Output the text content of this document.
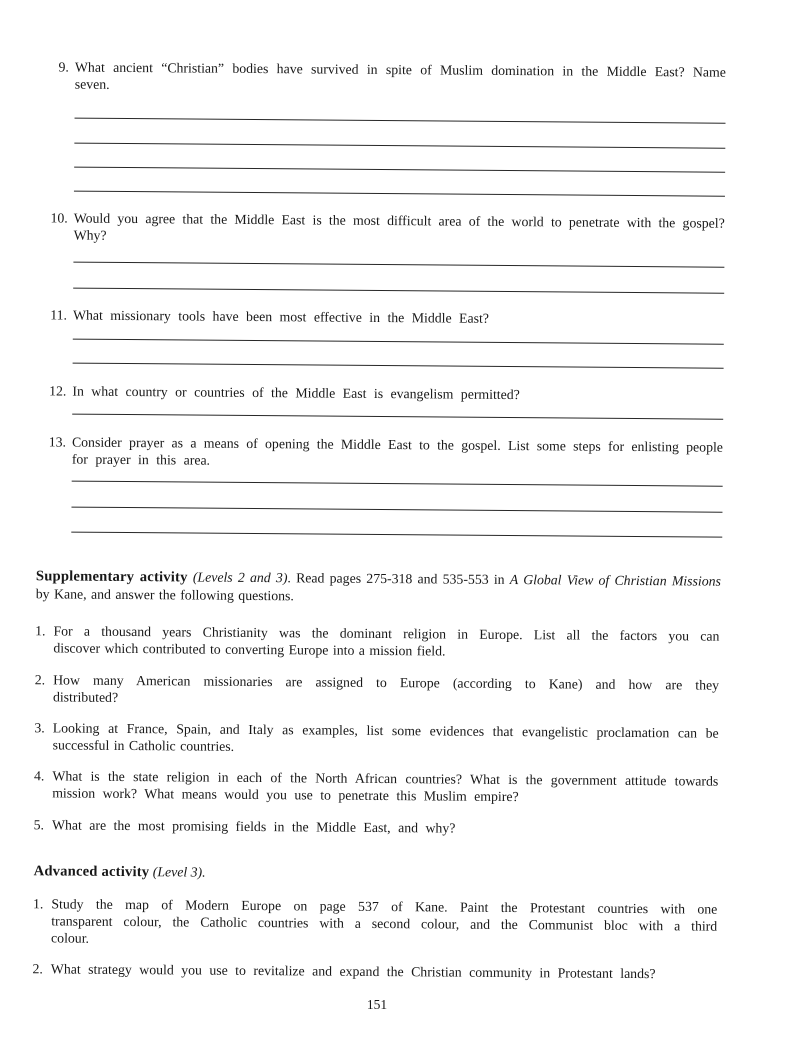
9. What ancient “Christian” bodies have survived in spite of Muslim domination in the Middle East? Name
seven.

10. Would you agree that the Middle East is the most difficult area of the world to penetrate with the gospel?
Why?

11. What missionary tools have been most effective in the Middle East?

12. In what country or countries of the Middle East is evangelism permitted?

13. Consider prayer as a means of opening the Middle East to the gospel. List some steps for enlisting people
for prayer in this area.

Supplementary activity (Levels 2 and 3). Read pages 275-318 and 535-553 in A Global View of Christian Missions by Kane, and answer the following questions.

1. For a thousand years Christianity was the dominant religion in Europe. List all the factors you can
discover which contributed to converting Europe into a mission field.

2. How many American missionaries are assigned to Europe (according to Kane) and how are they
distributed?

3. Looking at France, Spain, and Italy as examples, list some evidences that evangelistic proclamation can be
successful in Catholic countries.

4. What is the state religion in each of the North African countries? What is the government attitude towards
mission work? What means would you use to penetrate this Muslim empire?

5. What are the most promising fields in the Middle East, and why?

Advanced activity (Level 3).

1. Study the map of Modern Europe on page 537 of Kane. Paint the Protestant countries with one
transparent colour, the Catholic countries with a second colour, and the Communist bloc with a third
colour.

2. What strategy would you use to revitalize and expand the Christian community in Protestant lands?

151
